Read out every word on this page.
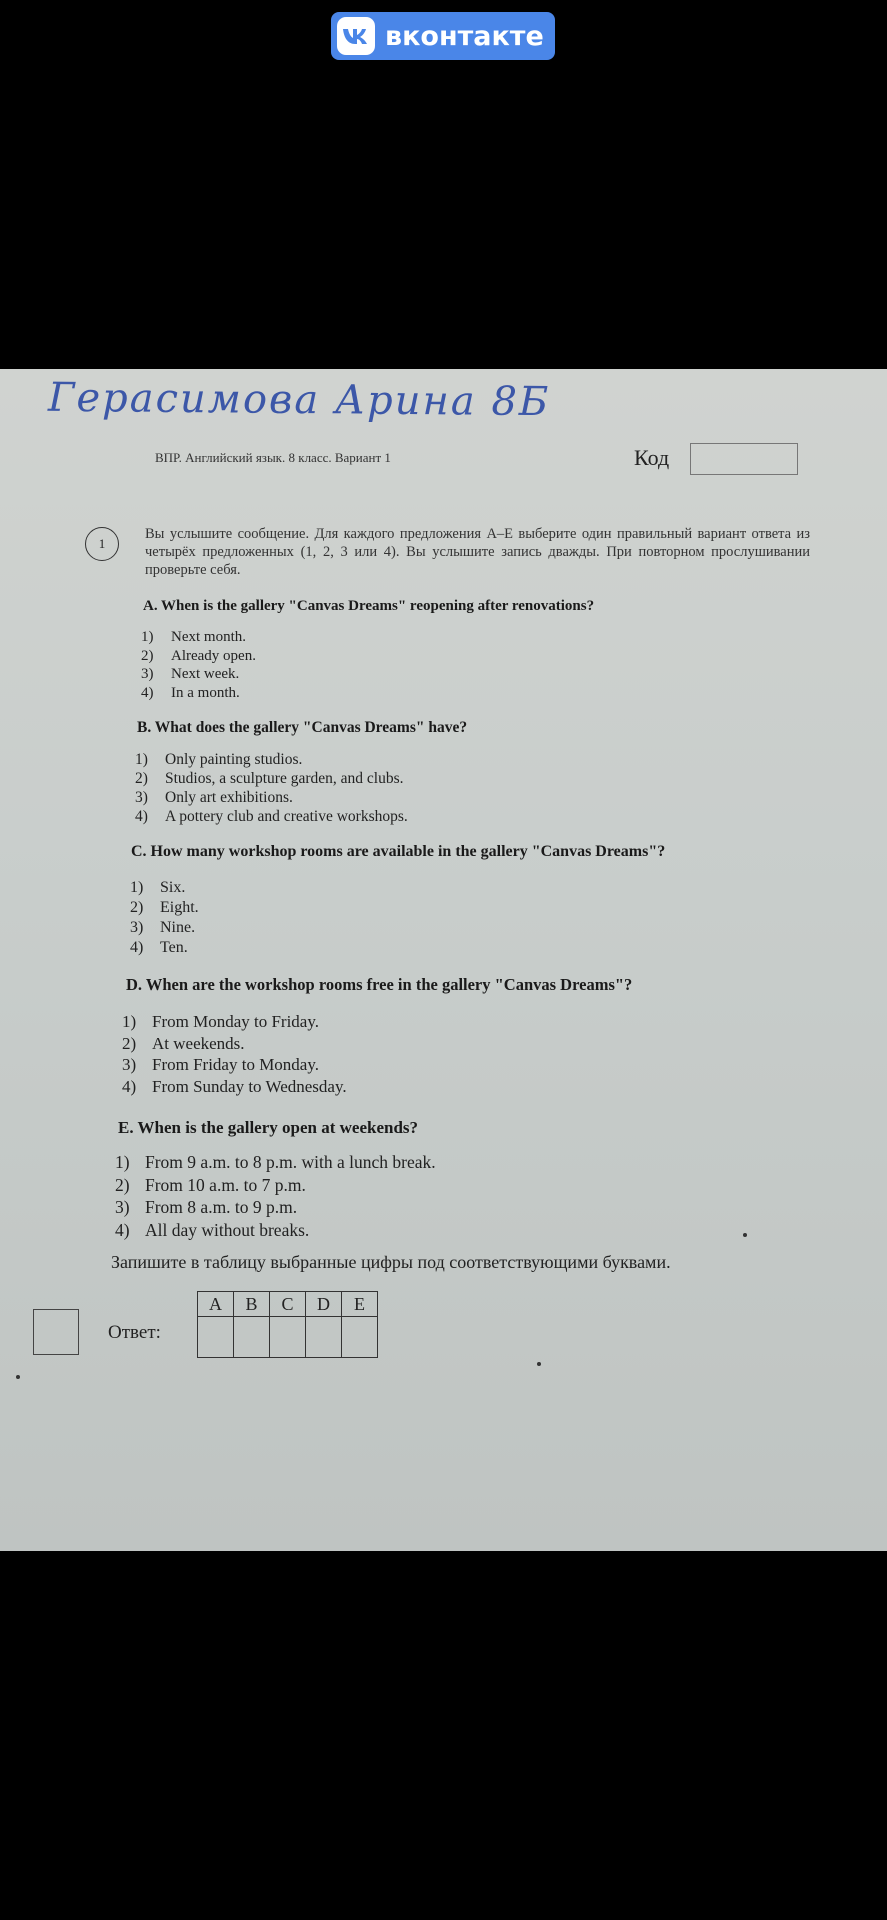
вконтакте
Герасимова Арина 8Б
ВПР. Английский язык. 8 класс. Вариант 1	Код
1
Вы услышите сообщение. Для каждого предложения A–E выберите один правильный вариант ответа из четырёх предложенных (1, 2, 3 или 4). Вы услышите запись дважды. При повторном прослушивании проверьте себя.
A. When is the gallery "Canvas Dreams" reopening after renovations?
1)	Next month.
2)	Already open.
3)	Next week.
4)	In a month.
B. What does the gallery "Canvas Dreams" have?
1)	Only painting studios.
2)	Studios, a sculpture garden, and clubs.
3)	Only art exhibitions.
4)	A pottery club and creative workshops.
C. How many workshop rooms are available in the gallery "Canvas Dreams"?
1)	Six.
2)	Eight.
3)	Nine.
4)	Ten.
D. When are the workshop rooms free in the gallery "Canvas Dreams"?
1) From Monday to Friday.
2) At weekends.
3) From Friday to Monday.
4) From Sunday to Wednesday.
E. When is the gallery open at weekends?
1) From 9 a.m. to 8 p.m. with a lunch break.
2) From 10 a.m. to 7 p.m.
3) From 8 a.m. to 9 p.m.
4) All day without breaks.
Запишите в таблицу выбранные цифры под соответствующими буквами.
Ответ:
A	B	C	D	E
